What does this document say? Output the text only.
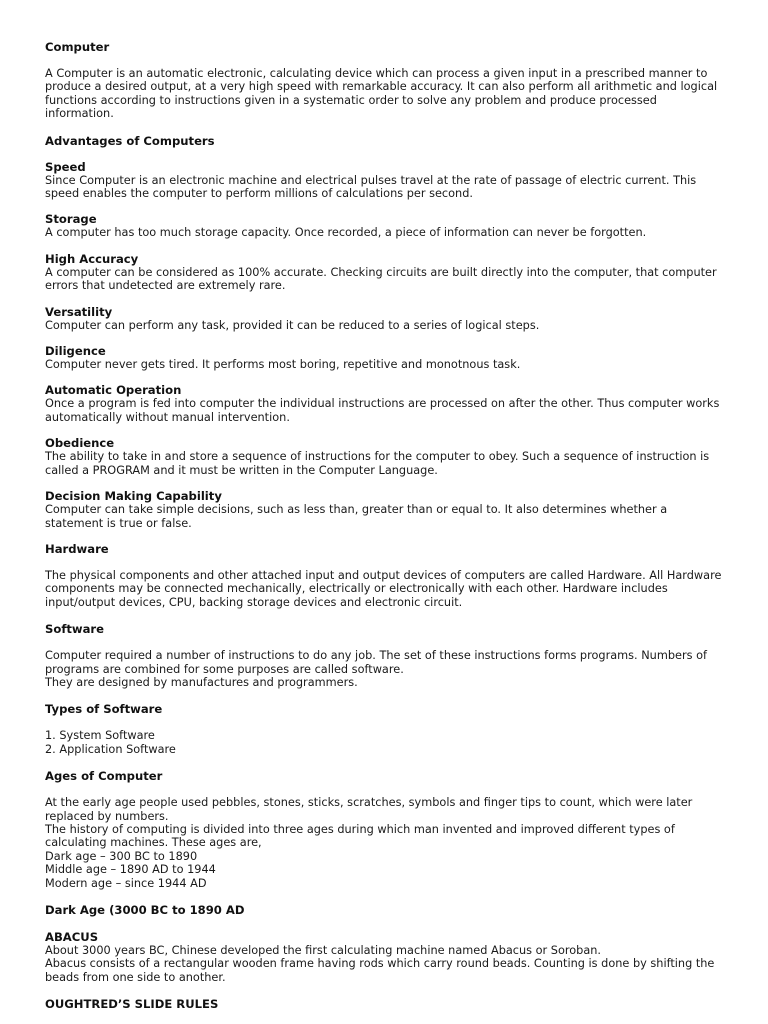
Computer

A Computer is an automatic electronic, calculating device which can process a given input in a prescribed manner to produce a desired output, at a very high speed with remarkable accuracy. It can also perform all arithmetic and logical functions according to instructions given in a systematic order to solve any problem and produce processed information.

Advantages of Computers
Speed

Since Computer is an electronic machine and electrical pulses travel at the rate of passage of electric current. This speed enables the computer to perform millions of calculations per second.

Storage

A computer has too much storage capacity. Once recorded, a piece of information can never be forgotten.

High Accuracy

A computer can be considered as 100% accurate. Checking circuits are built directly into the computer, that computer errors that undetected are extremely rare.

Versatility

Computer can perform any task, provided it can be reduced to a series of logical steps.

Diligence

Computer never gets tired. It performs most boring, repetitive and monotnous task.

Automatic Operation

Once a program is fed into computer the individual instructions are processed on after the other. Thus computer works automatically without manual intervention.

Obedience

The ability to take in and store a sequence of instructions for the computer to obey. Such a sequence of instruction is called a PROGRAM and it must be written in the Computer Language.

Decision Making Capability

Computer can take simple decisions, such as less than, greater than or equal to. It also determines whether a statement is true or false.

Hardware

The physical components and other attached input and output devices of computers are called Hardware. All Hardware components may be connected mechanically, electrically or electronically with each other. Hardware includes input/output devices, CPU, backing storage devices and electronic circuit.

Software

Computer required a number of instructions to do any job. The set of these instructions forms programs. Numbers of programs are combined for some purposes are called software.

They are designed by manufactures and programmers.

Types of Software
1. System Software
2. Application Software
Ages of Computer

At the early age people used pebbles, stones, sticks, scratches, symbols and finger tips to count, which were later replaced by numbers.

The history of computing is divided into three ages during which man invented and improved different types of calculating machines. These ages are,

Dark age – 300 BC to 1890
Middle age – 1890 AD to 1944
Modern age – since 1944 AD
Dark Age (3000 BC to 1890 AD
ABACUS

About 3000 years BC, Chinese developed the first calculating machine named Abacus or Soroban.

Abacus consists of a rectangular wooden frame having rods which carry round beads. Counting is done by shifting the beads from one side to another.

OUGHTRED’S SLIDE RULES
